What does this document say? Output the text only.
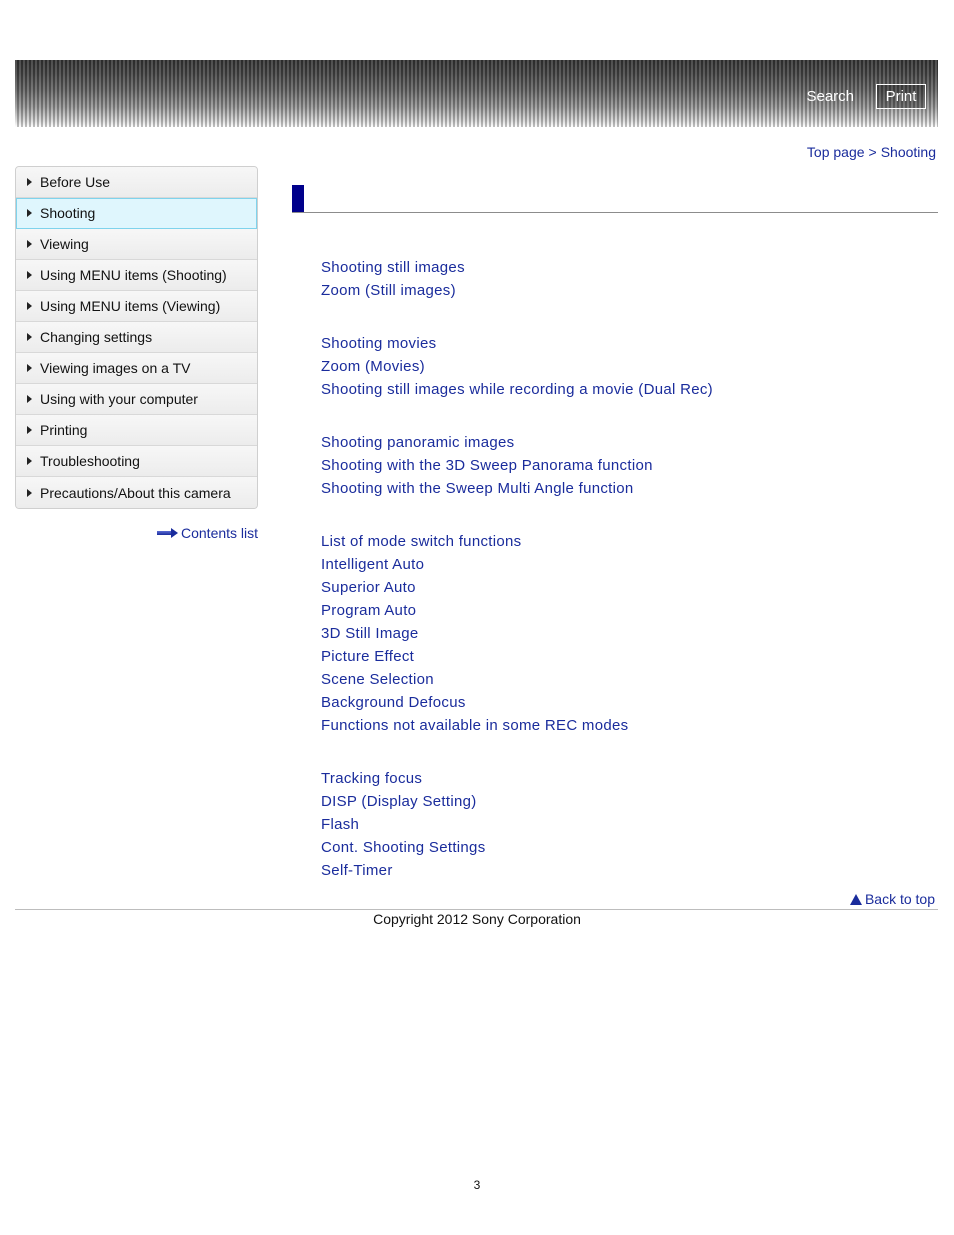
Search	Print
Top page > Shooting
Before Use
Shooting
Viewing
Using MENU items (Shooting)
Using MENU items (Viewing)
Changing settings
Viewing images on a TV
Using with your computer
Printing
Troubleshooting
Precautions/About this camera
Contents list
Shooting still images
Zoom (Still images)
Shooting movies
Zoom (Movies)
Shooting still images while recording a movie (Dual Rec)
Shooting panoramic images
Shooting with the 3D Sweep Panorama function
Shooting with the Sweep Multi Angle function
List of mode switch functions
Intelligent Auto
Superior Auto
Program Auto
3D Still Image
Picture Effect
Scene Selection
Background Defocus
Functions not available in some REC modes
Tracking focus
DISP (Display Setting)
Flash
Cont. Shooting Settings
Self-Timer
Back to top
Copyright 2012 Sony Corporation
3
